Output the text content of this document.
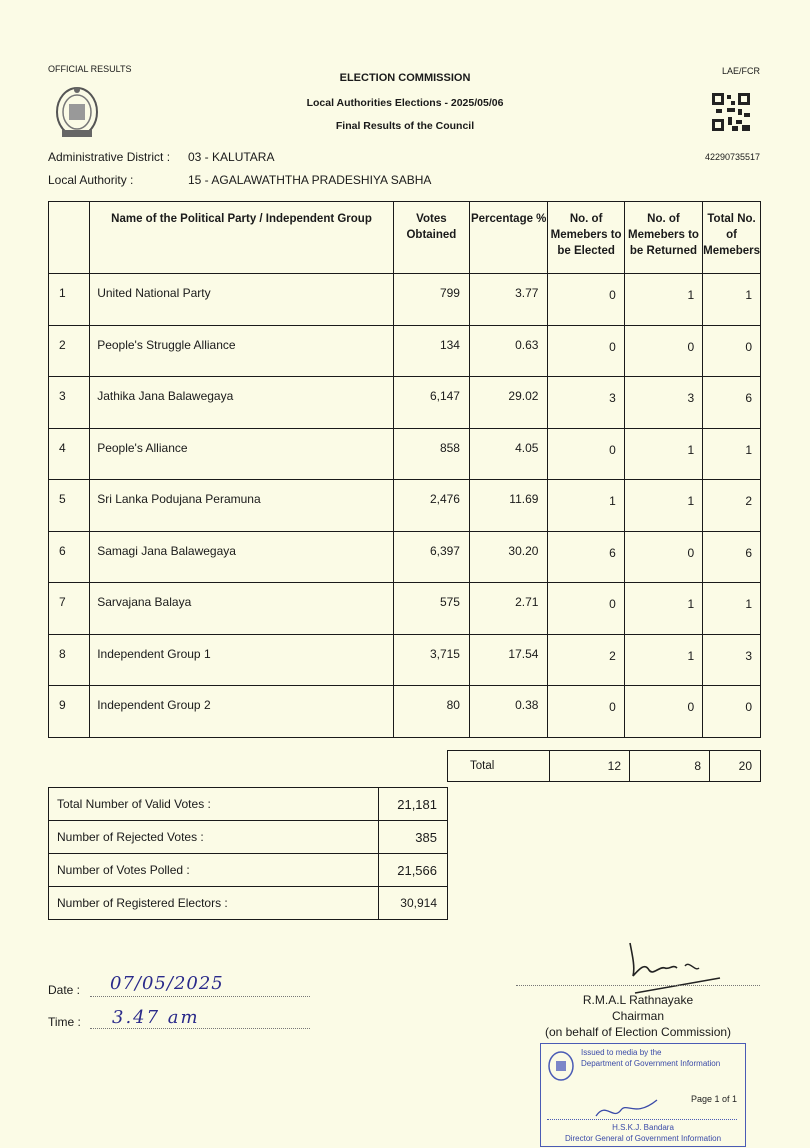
OFFICIAL RESULTS	LAE/FCR
ELECTION COMMISSION
Local Authorities Elections - 2025/05/06
Final Results of the Council
42290735517
Administrative District : 03 - KALUTARA
Local Authority :	15 - AGALAWATHTHA PRADESHIYA SABHA
	Name of the Political Party / Independent Group	Votes Obtained	Percentage %	No. of Memebers to be Elected	No. of Memebers to be Returned	Total No. of Memebers
1	United National Party	799	3.77	0	1	1
2	People's Struggle Alliance	134	0.63	0	0	0
3	Jathika Jana Balawegaya	6,147	29.02	3	3	6
4	People's Alliance	858	4.05	0	1	1
5	Sri Lanka Podujana Peramuna	2,476	11.69	1	1	2
6	Samagi Jana Balawegaya	6,397	30.20	6	0	6
7	Sarvajana Balaya	575	2.71	0	1	1
8	Independent Group 1	3,715	17.54	2	1	3
9	Independent Group 2	80	0.38	0	0	0
Total	12	8	20
Total Number of Valid Votes :	21,181
Number of Rejected Votes :	385
Number of Votes Polled :	21,566
Number of Registered Electors :	30,914
Date : 07/05/2025
Time : 3.47 am
R.M.A.L Rathnayake
Chairman
(on behalf of Election Commission)
Issued to media by the
Department of Government Information
Page 1 of 1
H.S.K.J. Bandara
Director General of Government Information
